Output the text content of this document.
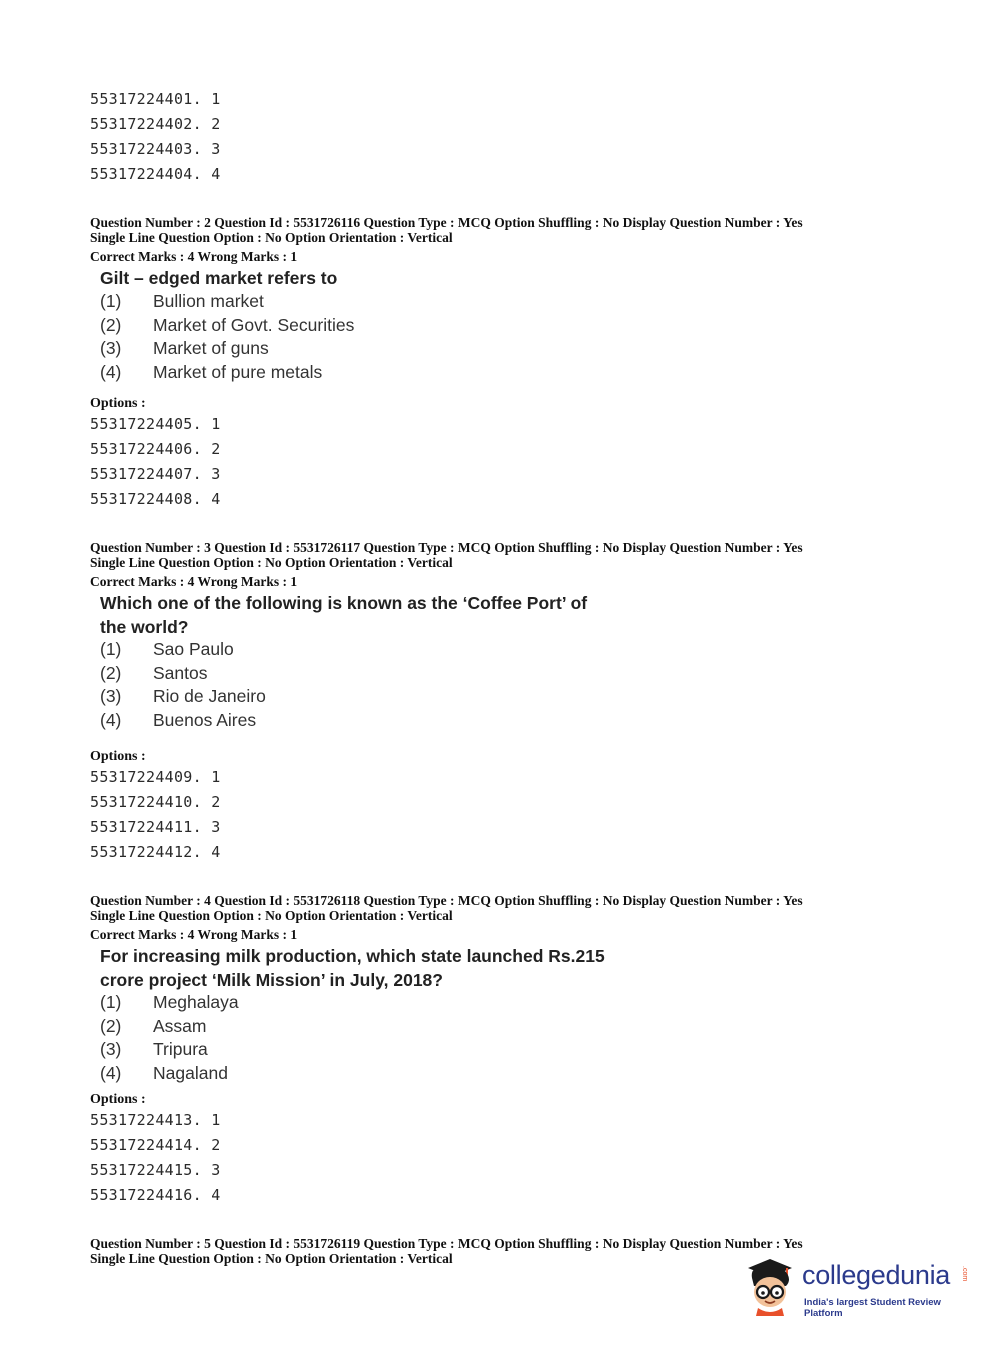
55317224401. 1
55317224402. 2
55317224403. 3
55317224404. 4
Question Number : 2 Question Id : 5531726116 Question Type : MCQ Option Shuffling : No Display Question Number : Yes
Single Line Question Option : No Option Orientation : Vertical
Correct Marks : 4 Wrong Marks : 1
Gilt – edged market refers to
(1) Bullion market
(2) Market of Govt. Securities
(3) Market of guns
(4) Market of pure metals
Options :
55317224405. 1
55317224406. 2
55317224407. 3
55317224408. 4
Question Number : 3 Question Id : 5531726117 Question Type : MCQ Option Shuffling : No Display Question Number : Yes
Single Line Question Option : No Option Orientation : Vertical
Correct Marks : 4 Wrong Marks : 1
Which one of the following is known as the ‘Coffee Port’ of the world?
(1) Sao Paulo
(2) Santos
(3) Rio de Janeiro
(4) Buenos Aires
Options :
55317224409. 1
55317224410. 2
55317224411. 3
55317224412. 4
Question Number : 4 Question Id : 5531726118 Question Type : MCQ Option Shuffling : No Display Question Number : Yes
Single Line Question Option : No Option Orientation : Vertical
Correct Marks : 4 Wrong Marks : 1
For increasing milk production, which state launched Rs.215 crore project ‘Milk Mission’ in July, 2018?
(1) Meghalaya
(2) Assam
(3) Tripura
(4) Nagaland
Options :
55317224413. 1
55317224414. 2
55317224415. 3
55317224416. 4
Question Number : 5 Question Id : 5531726119 Question Type : MCQ Option Shuffling : No Display Question Number : Yes
Single Line Question Option : No Option Orientation : Vertical
collegedunia .com
India's largest Student Review Platform
